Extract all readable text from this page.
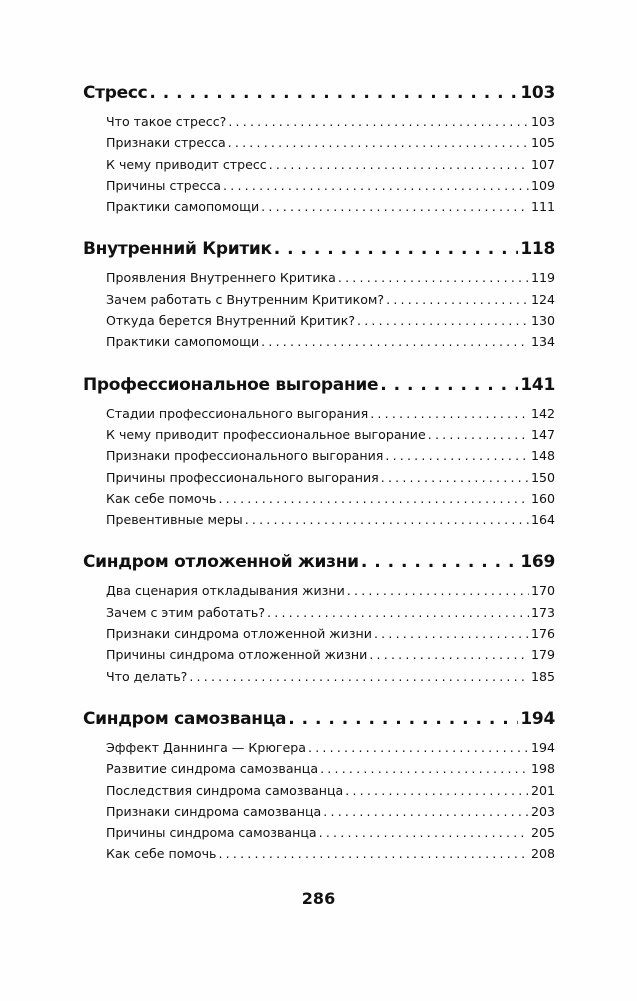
Стресс . . .	103
Что такое стресс? . . .	103
Признаки стресса . . .	105
К чему приводит стресс . . .	107
Причины стресса . . .	109
Практики самопомощи . . .	111
Внутренний Критик . . .	118
Проявления Внутреннего Критика . . .	119
Зачем работать с Внутренним Критиком? . . .	124
Откуда берется Внутренний Критик? . . .	130
Практики самопомощи . . .	134
Профессиональное выгорание . . .	141
Стадии профессионального выгорания . . .	142
К чему приводит профессиональное выгорание . . .	147
Признаки профессионального выгорания . . .	148
Причины профессионального выгорания . . .	150
Как себе помочь . . .	160
Превентивные меры . . .	164
Синдром отложенной жизни . . .	169
Два сценария откладывания жизни . . .	170
Зачем с этим работать? . . .	173
Признаки синдрома отложенной жизни . . .	176
Причины синдрома отложенной жизни . . .	179
Что делать? . . .	185
Синдром самозванца . . .	194
Эффект Даннинга — Крюгера . . .	194
Развитие синдрома самозванца . . .	198
Последствия синдрома самозванца . . .	201
Признаки синдрома самозванца . . .	203
Причины синдрома самозванца . . .	205
Как себе помочь . . .	208
286
